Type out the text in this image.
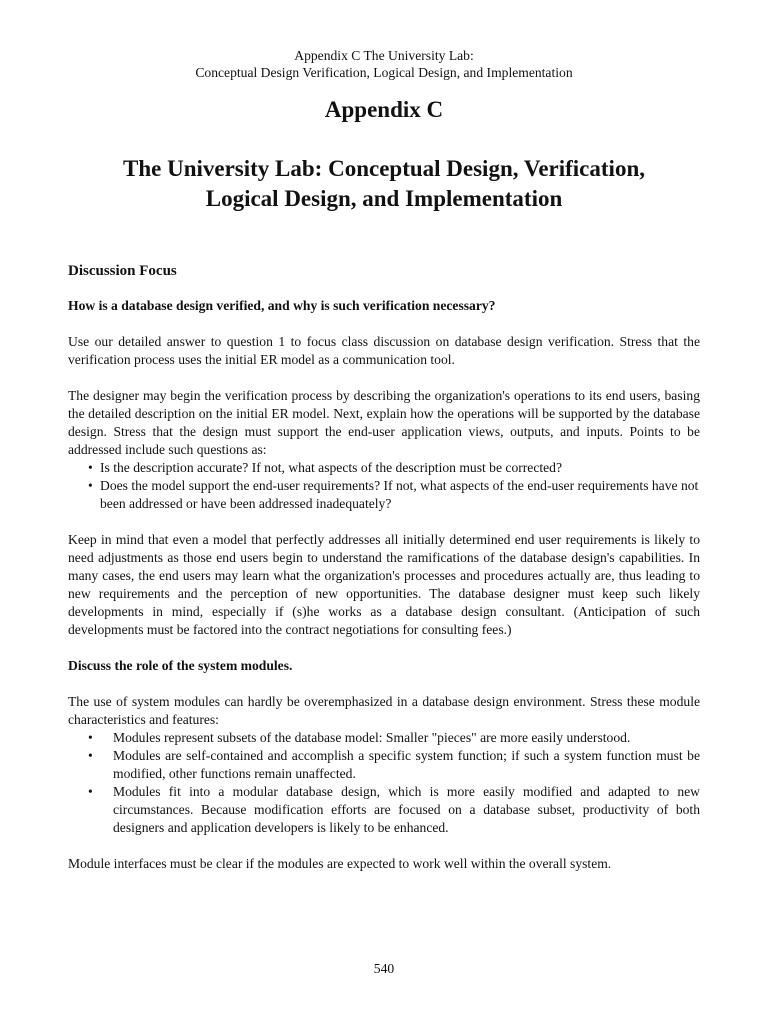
Appendix C The University Lab:
Conceptual Design Verification, Logical Design, and Implementation
Appendix C
The University Lab: Conceptual Design, Verification,
Logical Design, and Implementation
Discussion Focus
How is a database design verified, and why is such verification necessary?

Use our detailed answer to question 1 to focus class discussion on database design verification. Stress that the verification process uses the initial ER model as a communication tool.

The designer may begin the verification process by describing the organization's operations to its end users, basing the detailed description on the initial ER model. Next, explain how the operations will be supported by the database design. Stress that the design must support the end-user application views, outputs, and inputs. Points to be addressed include such questions as:

• Is the description accurate? If not, what aspects of the description must be corrected?
• Does the model support the end-user requirements? If not, what aspects of the end-user requirements have not been addressed or have been addressed inadequately?

Keep in mind that even a model that perfectly addresses all initially determined end user requirements is likely to need adjustments as those end users begin to understand the ramifications of the database design's capabilities. In many cases, the end users may learn what the organization's processes and procedures actually are, thus leading to new requirements and the perception of new opportunities. The database designer must keep such likely developments in mind, especially if (s)he works as a database design consultant. (Anticipation of such developments must be factored into the contract negotiations for consulting fees.)

Discuss the role of the system modules.

The use of system modules can hardly be overemphasized in a database design environment. Stress these module characteristics and features:

• Modules represent subsets of the database model: Smaller "pieces" are more easily understood.
• Modules are self-contained and accomplish a specific system function; if such a system function must be modified, other functions remain unaffected.
• Modules fit into a modular database design, which is more easily modified and adapted to new circumstances. Because modification efforts are focused on a database subset, productivity of both designers and application developers is likely to be enhanced.

Module interfaces must be clear if the modules are expected to work well within the overall system.

540
